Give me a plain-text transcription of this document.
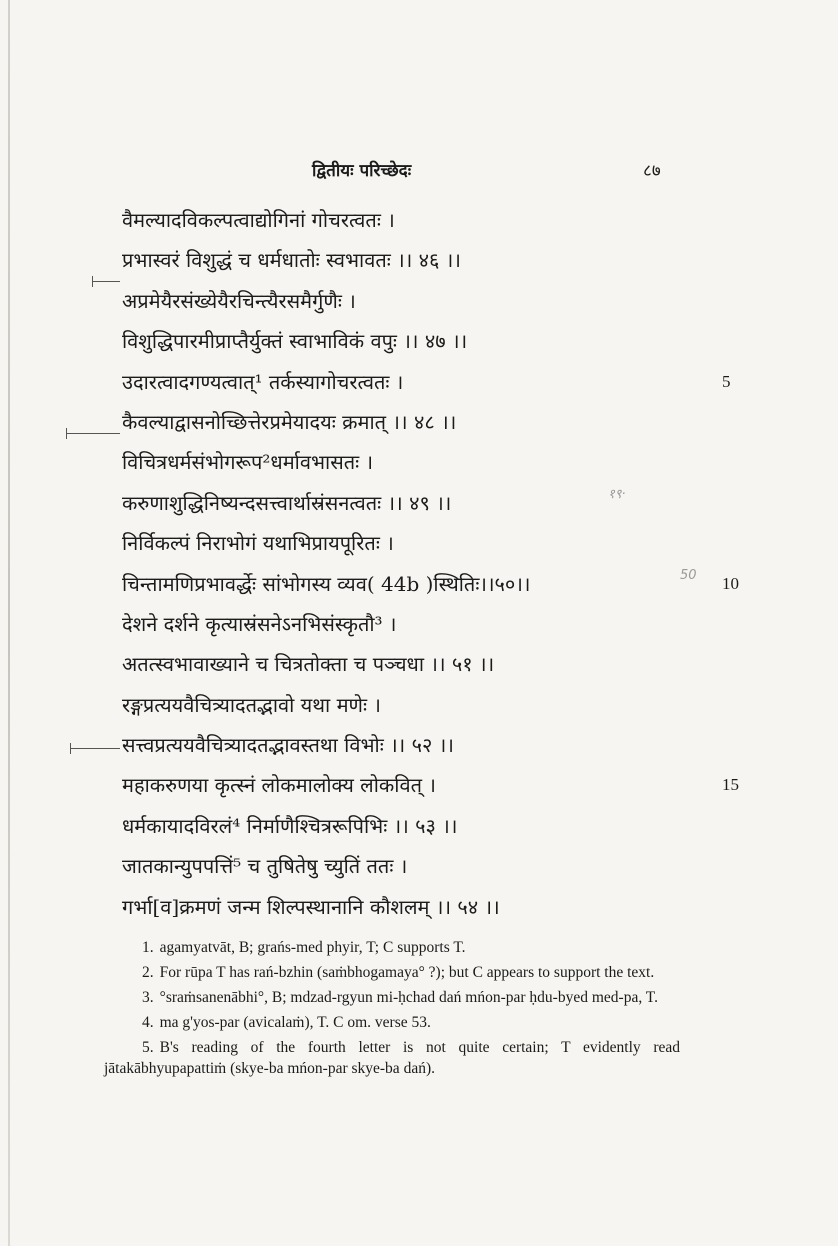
द्वितीयः परिच्छेदः	८७
१९·
50
वैमल्यादविकल्पत्वाद्योगिनां गोचरत्वतः ।
प्रभास्वरं विशुद्धं च धर्मधातोः स्वभावतः ।। ४६ ।।
अप्रमेयैरसंख्येयैरचिन्त्यैरसमैर्गुणैः ।
विशुद्धिपारमीप्राप्तैर्युक्तं स्वाभाविकं वपुः ।। ४७ ।।
उदारत्वादगण्यत्वात्¹ तर्कस्यागोचरत्वतः ।	5
कैवल्याद्वासनोच्छित्तेरप्रमेयादयः क्रमात् ।। ४८ ।।
विचित्रधर्मसंभोगरूप²धर्मावभासतः ।
करुणाशुद्धिनिष्यन्दसत्त्वार्थास्रंसनत्वतः ।। ४९ ।।
निर्विकल्पं निराभोगं यथाभिप्रायपूरितः ।
चिन्तामणिप्रभावर्द्धेः सांभोगस्य व्यव( 44b )स्थितिः।।५०।।	10
देशने दर्शने कृत्यास्रंसनेऽनभिसंस्कृतौ³ ।
अतत्स्वभावाख्याने च चित्रतोक्ता च पञ्चधा ।। ५१ ।।
रङ्गप्रत्ययवैचित्र्यादतद्भावो यथा मणेः ।
सत्त्वप्रत्ययवैचित्र्यादतद्भावस्तथा विभोः ।। ५२ ।।
महाकरुणया कृत्स्नं लोकमालोक्य लोकवित् ।	15
धर्मकायादविरलं⁴ निर्माणैश्चित्ररूपिभिः ।। ५३ ।।
जातकान्युपपत्तिं⁵ च तुषितेषु च्युतिं ततः ।
गर्भा[व]क्रमणं जन्म शिल्पस्थानानि कौशलम् ।। ५४ ।।

1. agamyatvāt, B; grańs-med phyir, T; C supports T.

2. For rūpa T has rań-bzhin (saṁbhogamaya° ?); but C appears to support the text.

3. °sraṁsanenābhi°, B; mdzad-rgyun mi-ḥchad dań mńon-par ḥdu-byed med-pa, T.

4. ma g'yos-par (avicalaṁ), T. C om. verse 53.

5. B's reading of the fourth letter is not quite certain; T evidently read jātakābhyupapattiṁ (skye-ba mńon-par skye-ba dań).
